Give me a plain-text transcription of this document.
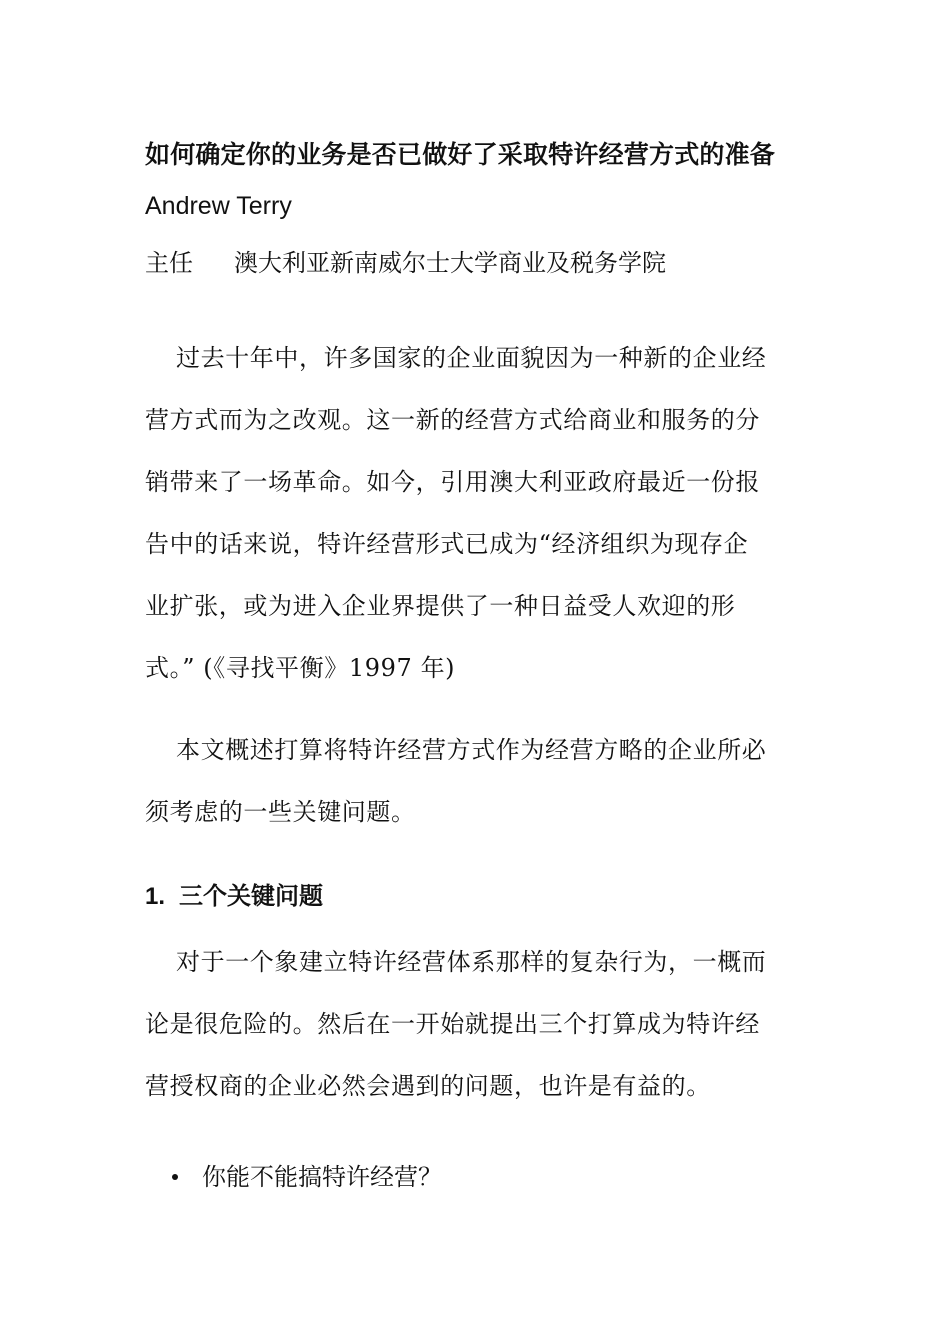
如何确定你的业务是否已做好了采取特许经营方式的准备
Andrew Terry
主任 澳大利亚新南威尔士大学商业及税务学院

过去十年中，许多国家的企业面貌因为一种新的企业经
营方式而为之改观。这一新的经营方式给商业和服务的分
销带来了一场革命。如今，引用澳大利亚政府最近一份报
告中的话来说，特许经营形式已成为“经济组织为现存企
业扩张，或为进入企业界提供了一种日益受人欢迎的形
式。” (《寻找平衡》1997 年)

本文概述打算将特许经营方式作为经营方略的企业所必
须考虑的一些关键问题。

1. 三个关键问题

对于一个象建立特许经营体系那样的复杂行为，一概而
论是很危险的。然后在一开始就提出三个打算成为特许经
营授权商的企业必然会遇到的问题，也许是有益的。

你能不能搞特许经营？
